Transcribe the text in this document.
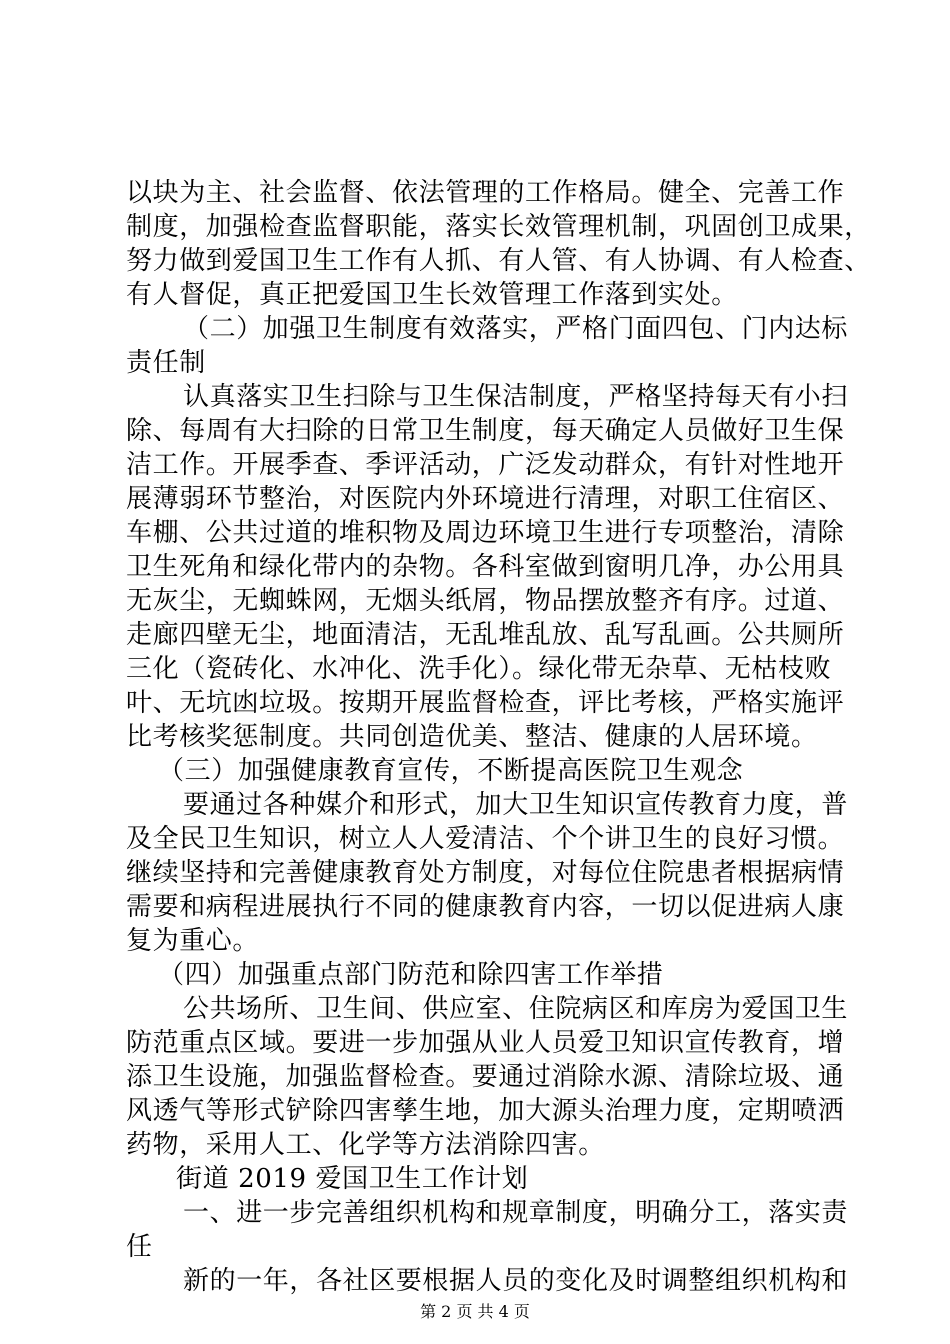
以块为主、社会监督、依法管理的工作格局。健全、完善工作
制度，加强检查监督职能，落实长效管理机制，巩固创卫成果，
努力做到爱国卫生工作有人抓、有人管、有人协调、有人检查、
有人督促，真正把爱国卫生长效管理工作落到实处。
（二）加强卫生制度有效落实，严格门面四包、门内达标
责任制
认真落实卫生扫除与卫生保洁制度，严格坚持每天有小扫
除、每周有大扫除的日常卫生制度，每天确定人员做好卫生保
洁工作。开展季查、季评活动，广泛发动群众，有针对性地开
展薄弱环节整治，对医院内外环境进行清理，对职工住宿区、
车棚、公共过道的堆积物及周边环境卫生进行专项整治，清除
卫生死角和绿化带内的杂物。各科室做到窗明几净，办公用具
无灰尘，无蜘蛛网，无烟头纸屑，物品摆放整齐有序。过道、
走廊四壁无尘，地面清洁，无乱堆乱放、乱写乱画。公共厕所
三化（瓷砖化、水冲化、洗手化）。绿化带无杂草、无枯枝败
叶、无坑凼垃圾。按期开展监督检查，评比考核，严格实施评
比考核奖惩制度。共同创造优美、整洁、健康的人居环境。
（三）加强健康教育宣传，不断提高医院卫生观念
要通过各种媒介和形式，加大卫生知识宣传教育力度，普
及全民卫生知识，树立人人爱清洁、个个讲卫生的良好习惯。
继续坚持和完善健康教育处方制度，对每位住院患者根据病情
需要和病程进展执行不同的健康教育内容，一切以促进病人康
复为重心。
（四）加强重点部门防范和除四害工作举措
公共场所、卫生间、供应室、住院病区和库房为爱国卫生
防范重点区域。要进一步加强从业人员爱卫知识宣传教育，增
添卫生设施，加强监督检查。要通过消除水源、清除垃圾、通
风透气等形式铲除四害孳生地，加大源头治理力度，定期喷洒
药物，采用人工、化学等方法消除四害。
街道 2019 爱国卫生工作计划
一、进一步完善组织机构和规章制度，明确分工，落实责
任
新的一年，各社区要根据人员的变化及时调整组织机构和
第 2 页 共 4 页
